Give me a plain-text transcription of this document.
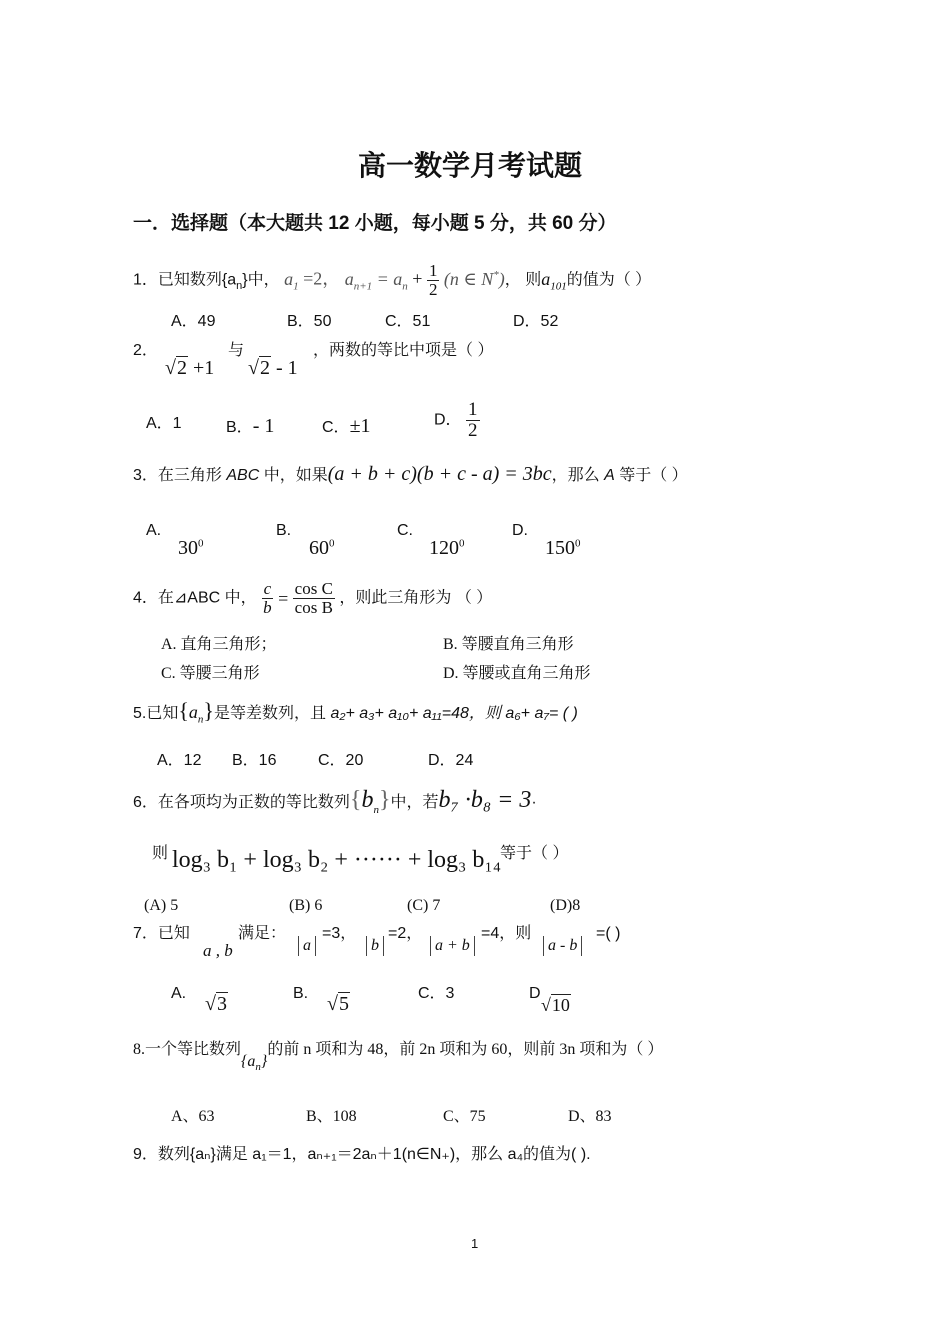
高一数学月考试题
一．选择题（本大题共 12 小题，每小题 5 分，共 60 分）
1．已知数列$\{a_n\}$中， $a_1 =2$， $a_{n+1} = a_n + \frac{1}{2} (n$ ∈ N*)， 则$a_{101}$的值为（ ）
A．49	B．50	C．51	D．52
2．
√2 +1
与
√2 - 1
，两数的等比中项是（ ）
A．1	B．- 1	C．±1	D． $\frac{1}{2}$
3．在三角形 ABC 中，如果(a + b + c)(b + c - a) = 3bc，那么 A 等于（ ）
A.
$30^0$
B.
$60^0$
C.
$120^0$
D.
$150^0$
4．在⊿ABC 中， $\frac{c}{b} = \frac{\text{cos C}}{\text{cos B}}$ ，则此三角形为 （ ）
A. 直角三角形；	B. 等腰直角三角形
C. 等腰三角形	D. 等腰或直角三角形
5.已知$\{a_n\}$是等差数列，且 a₂+ a₃+ a₁₀+ a₁₁=48，则 a₆+ a₇= ( )
A．12 B．16	C．20	D．24
6．在各项均为正数的等比数列$\{b_n\}$中，若b₇ ·b₈ = 3·
则 log₃ b₁ + log₃ b₂ + ······ + log₃ b₁₄
等于（ ）
(A) 5	(B) 6	(C) 7	(D)8
7．已知
a , b
满足：
a
=3，
b
=2，
a + b
=4，则
a - b
=( )
A. √3	B. √5	C．3	D
√10
8.一个等比数列$\{a_n\}$的前 n 项和为 48，前 2n 项和为 60，则前 3n 项和为（ ）
A、63	B、108	C、75	D、83
9．数列{aₙ}满足 a₁＝1，aₙ₊₁＝2aₙ＋1(n∈N₊)，那么 a₄的值为( ).
1
